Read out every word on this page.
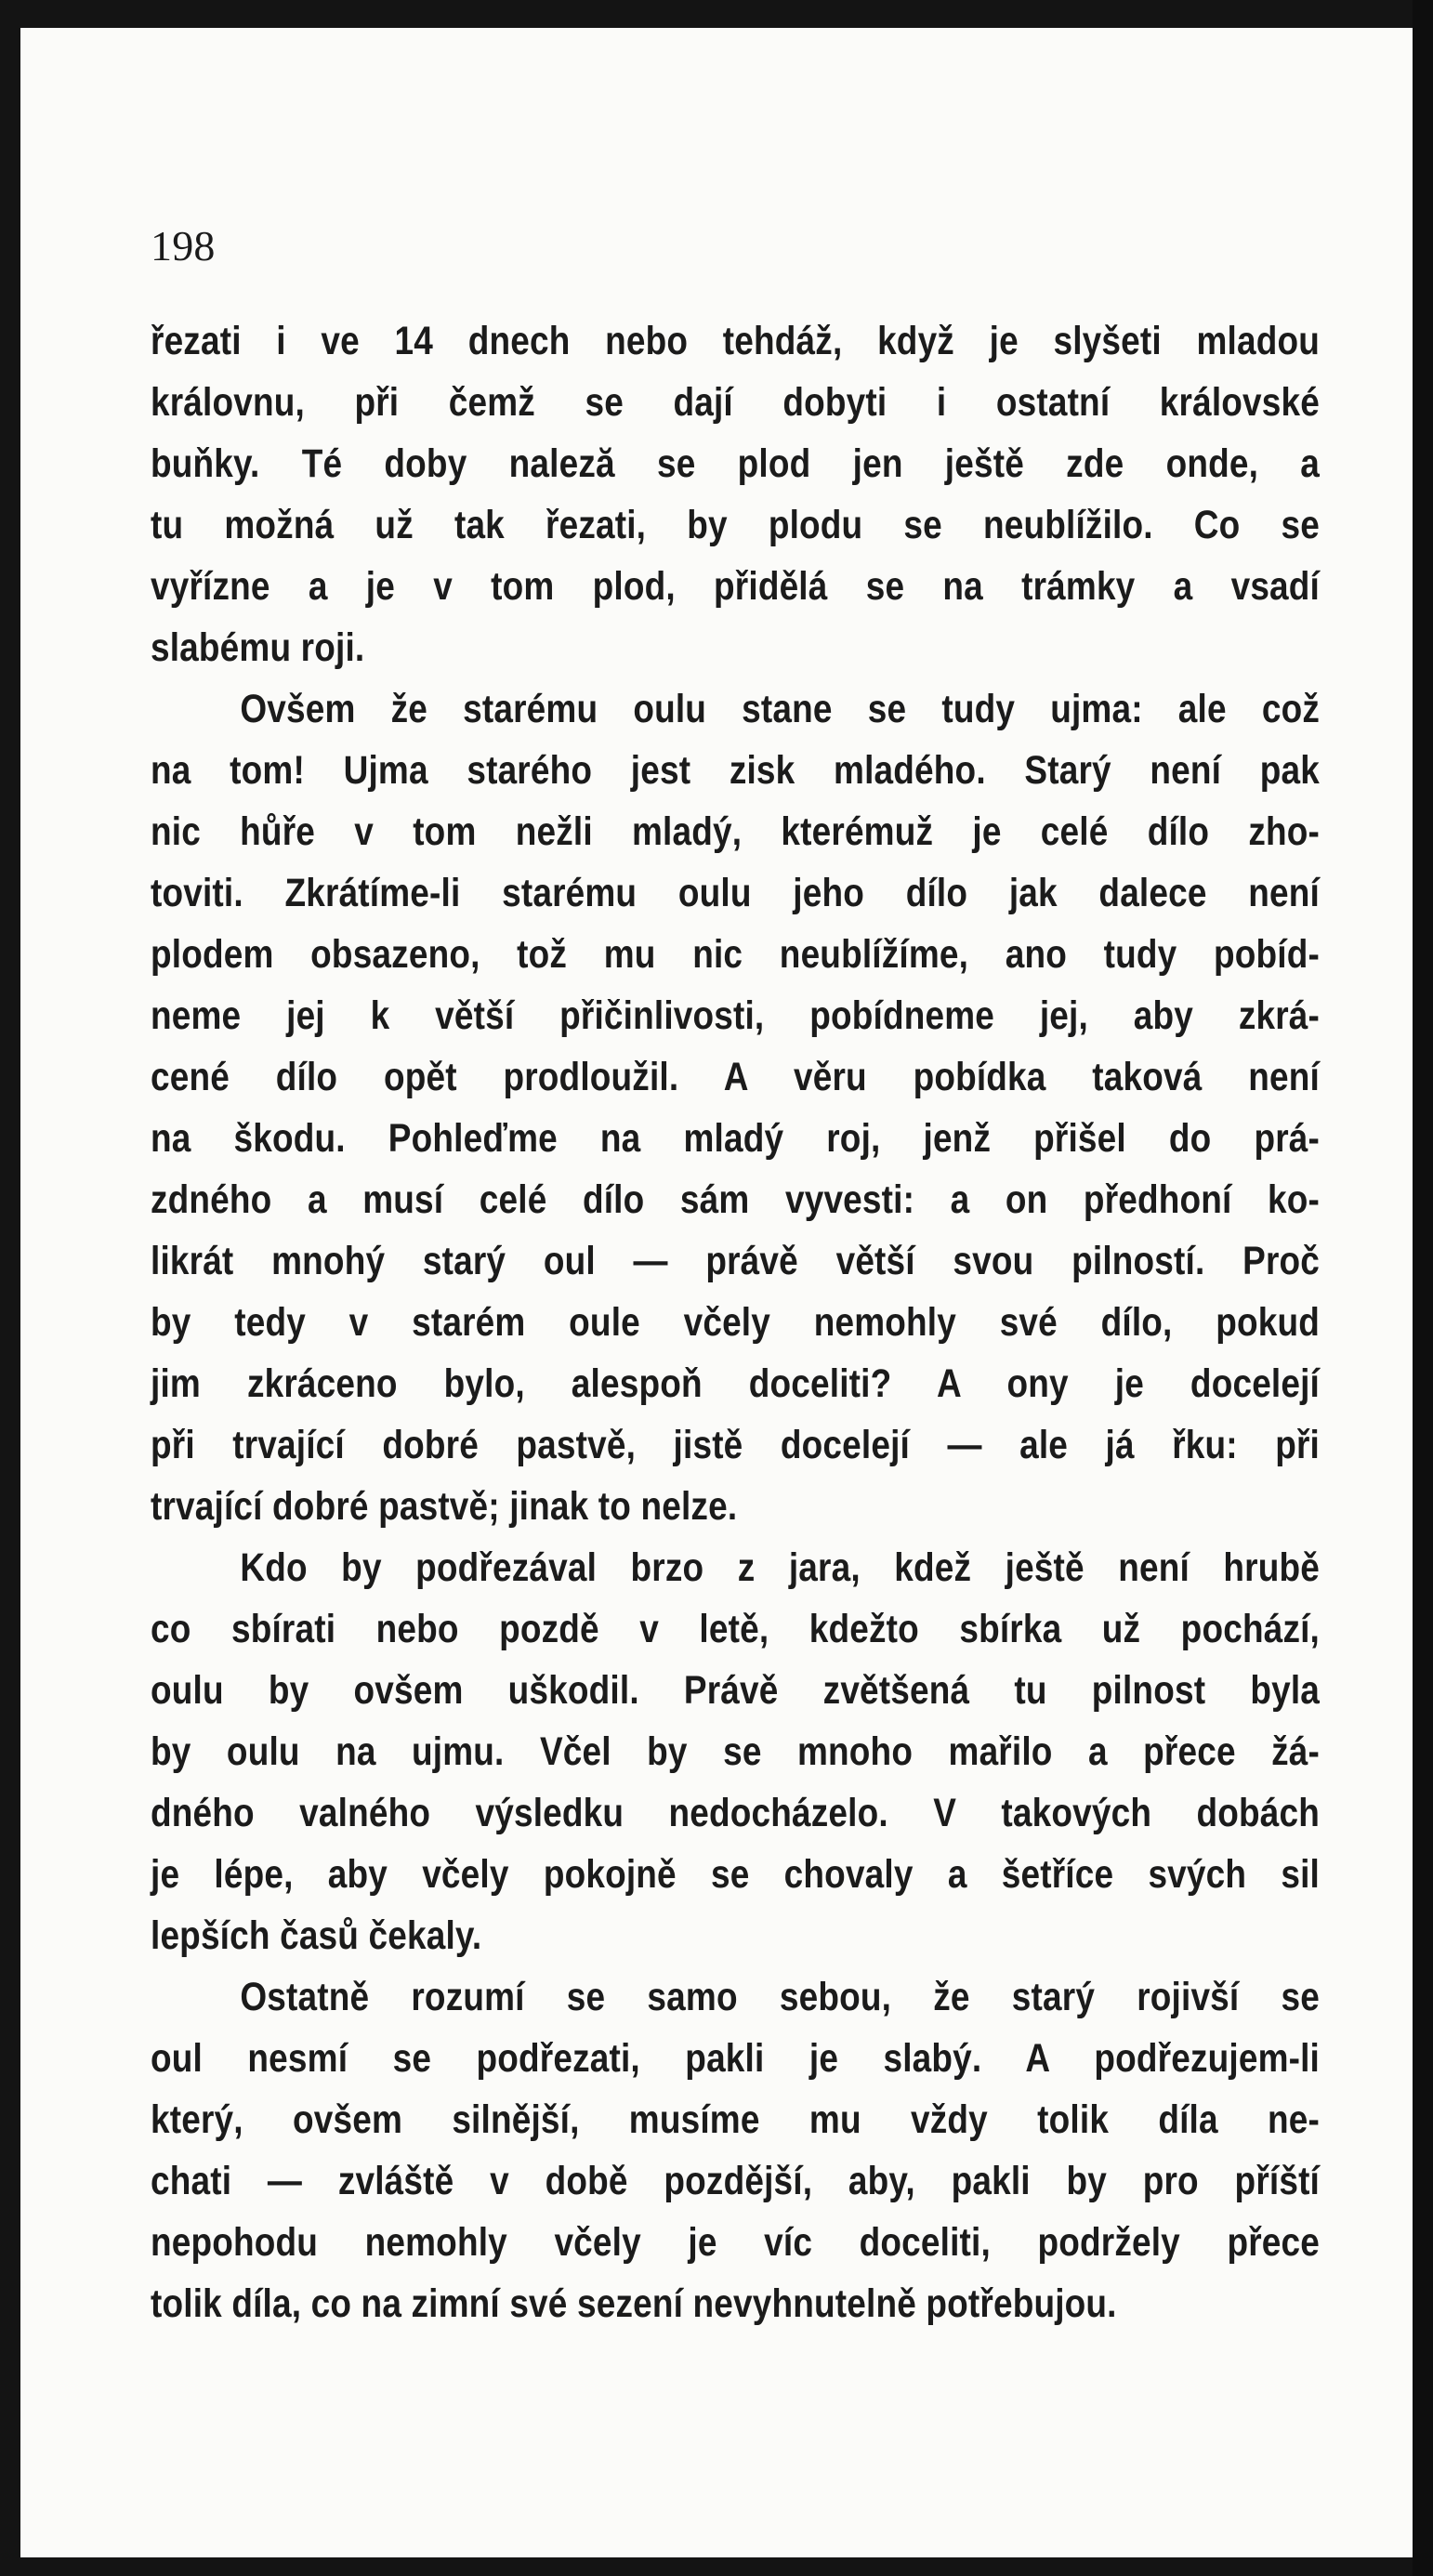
198
řezati i ve 14 dnech nebo tehdáž, když je slyšeti mladou
královnu, při čemž se dají dobyti i ostatní královské
buňky. Té doby naleză se plod jen ještě zde onde, a
tu možná už tak řezati, by plodu se neublížilo. Co se
vyřízne a je v tom plod, přidělá se na trámky a vsadí
slabému roji.
Ovšem že starému oulu stane se tudy ujma: ale což
na tom! Ujma starého jest zisk mladého. Starý není pak
nic hůře v tom nežli mladý, kterémuž je celé dílo zho-
toviti. Zkrátíme-li starému oulu jeho dílo jak dalece není
plodem obsazeno, tož mu nic neublížíme, ano tudy pobíd-
neme jej k větší přičinlivosti, pobídneme jej, aby zkrá-
cené dílo opět prodloužil. A věru pobídka taková není
na škodu. Pohleďme na mladý roj, jenž přišel do prá-
zdného a musí celé dílo sám vyvesti: a on předhoní ko-
likrát mnohý starý oul — právě větší svou pilností. Proč
by tedy v starém oule včely nemohly své dílo, pokud
jim zkráceno bylo, alespoň doceliti? A ony je docelejí
při trvající dobré pastvě, jistě docelejí — ale já řku: při
trvající dobré pastvě; jinak to nelze.
Kdo by podřezával brzo z jara, kdež ještě není hrubě
co sbírati nebo pozdě v letě, kdežto sbírka už pochází,
oulu by ovšem uškodil. Právě zvětšená tu pilnost byla
by oulu na ujmu. Včel by se mnoho mařilo a přece žá-
dného valného výsledku nedocházelo. V takových dobách
je lépe, aby včely pokojně se chovaly a šetříce svých sil
lepších časů čekaly.
Ostatně rozumí se samo sebou, že starý rojivší se
oul nesmí se podřezati, pakli je slabý. A podřezujem-li
který, ovšem silnější, musíme mu vždy tolik díla ne-
chati — zvláště v době pozdější, aby, pakli by pro příští
nepohodu nemohly včely je víc doceliti, podržely přece
tolik díla, co na zimní své sezení nevyhnutelně potřebujou.
